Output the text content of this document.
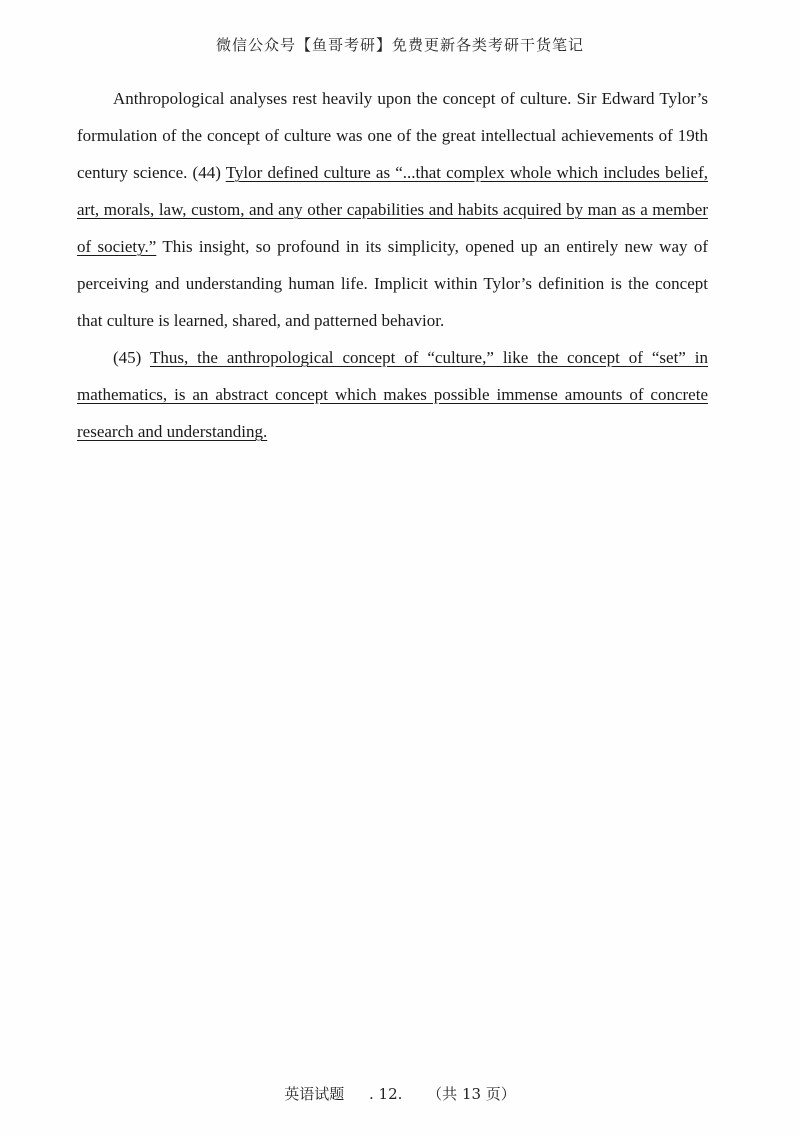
微信公众号【鱼哥考研】免费更新各类考研干货笔记

Anthropological analyses rest heavily upon the concept of culture. Sir Edward Tylor’s formulation of the concept of culture was one of the great intellectual achievements of 19th century science. (44) Tylor defined culture as “...that complex whole which includes belief, art, morals, law, custom, and any other capabilities and habits acquired by man as a member of society.” This insight, so profound in its simplicity, opened up an entirely new way of perceiving and understanding human life. Implicit within Tylor’s definition is the concept that culture is learned, shared, and patterned behavior.

(45) Thus, the anthropological concept of “culture,” like the concept of “set” in mathematics, is an abstract concept which makes possible immense amounts of concrete research and understanding.

英语试题 . 12. （共 13 页）
